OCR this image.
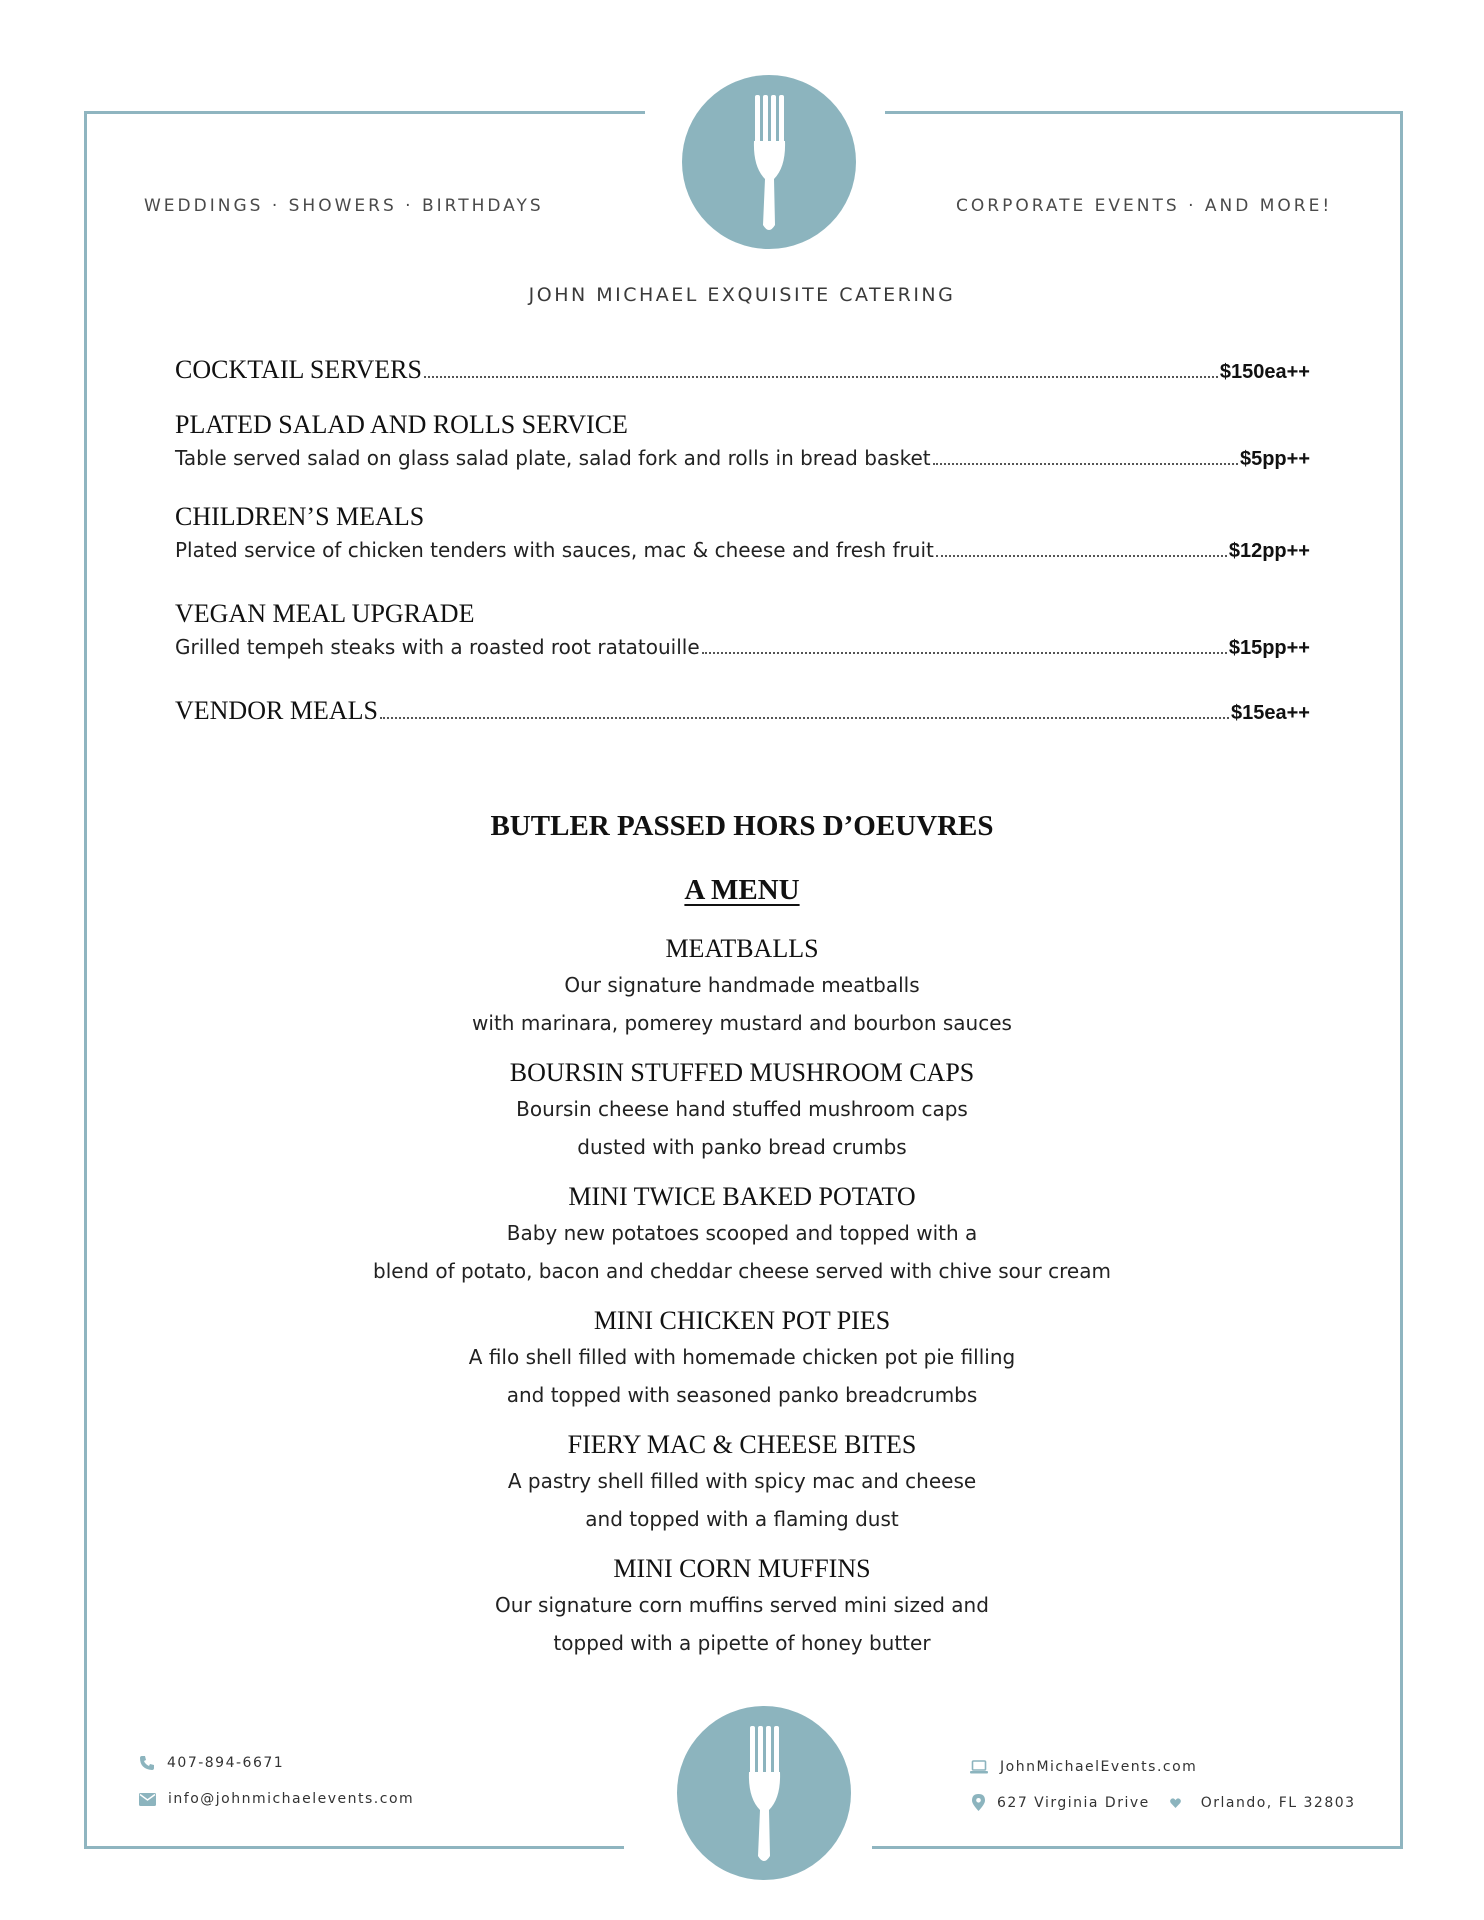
WEDDINGS · SHOWERS · BIRTHDAYS	CORPORATE EVENTS · AND MORE!
JOHN MICHAEL EXQUISITE CATERING
COCKTAIL SERVERS	$150ea++
PLATED SALAD AND ROLLS SERVICE
Table served salad on glass salad plate, salad fork and rolls in bread basket	$5pp++
CHILDREN’S MEALS
Plated service of chicken tenders with sauces, mac & cheese and fresh fruit	$12pp++
VEGAN MEAL UPGRADE
Grilled tempeh steaks with a roasted root ratatouille	$15pp++
VENDOR MEALS	$15ea++
BUTLER PASSED HORS D’OEUVRES
A MENU
MEATBALLS
Our signature handmade meatballs
with marinara, pomerey mustard and bourbon sauces
BOURSIN STUFFED MUSHROOM CAPS
Boursin cheese hand stuffed mushroom caps
dusted with panko bread crumbs
MINI TWICE BAKED POTATO
Baby new potatoes scooped and topped with a
blend of potato, bacon and cheddar cheese served with chive sour cream
MINI CHICKEN POT PIES
A filo shell filled with homemade chicken pot pie filling
and topped with seasoned panko breadcrumbs
FIERY MAC & CHEESE BITES
A pastry shell filled with spicy mac and cheese
and topped with a flaming dust
MINI CORN MUFFINS
Our signature corn muffins served mini sized and
topped with a pipette of honey butter
407-894-6671
info@johnmichaelevents.com
JohnMichaelEvents.com
627 Virginia Drive	Orlando, FL 32803
